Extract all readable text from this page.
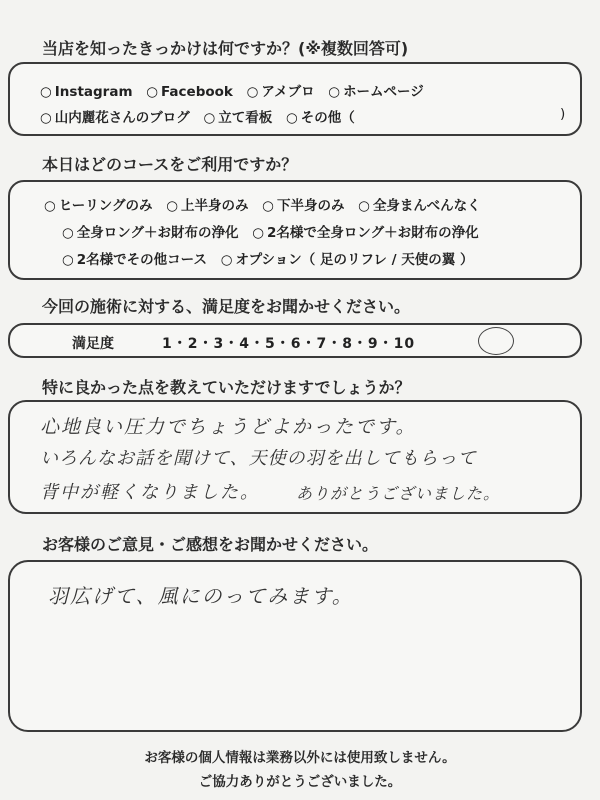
当店を知ったきっかけは何ですか？(※複数回答可)
○ Instagram ○ Facebook ○ アメブロ ○ ホームページ
○ 山内麗花さんのブログ ○ 立て看板 ○ その他（	)
本日はどのコースをご利用ですか？
○ ヒーリングのみ ○ 上半身のみ ○ 下半身のみ ○ 全身まんべんなく
○ 全身ロング＋お財布の浄化 ○ 2名様で全身ロング＋お財布の浄化
○ 2名様でその他コース ○ オプション（ 足のリフレ / 天使の翼 ）
今回の施術に対する、満足度をお聞かせください。
満足度	1・2・3・4・5・6・7・8・9・10
特に良かった点を教えていただけますでしょうか？
心地良い圧力でちょうどよかったです。
いろんなお話を聞けて、天使の羽を出してもらって
背中が軽くなりました。 ありがとうございました。
お客様のご意見・ご感想をお聞かせください。
羽広げて、風にのってみます。
お客様の個人情報は業務以外には使用致しません。
ご協力ありがとうございました。
